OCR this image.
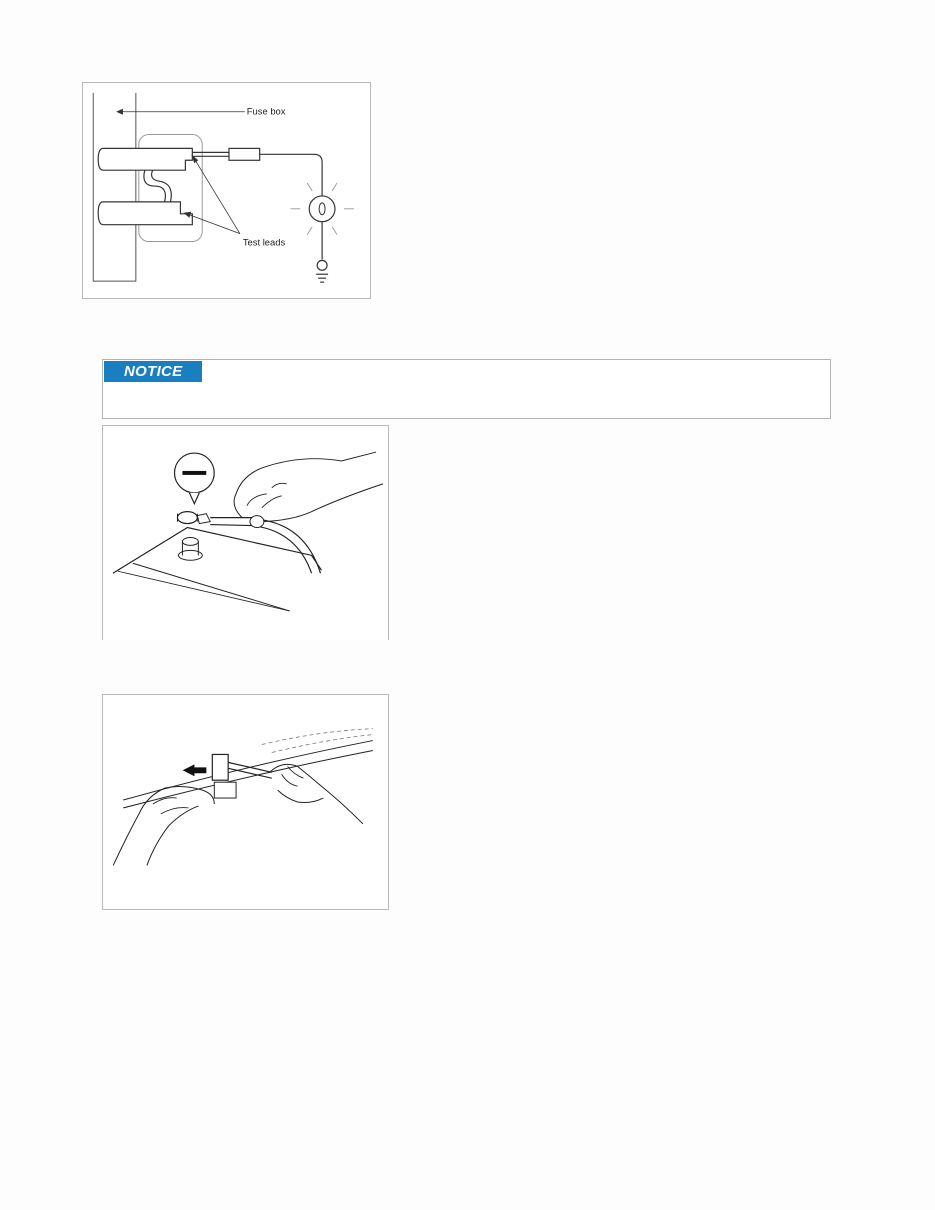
Fuse box
Test leads
NOTICE
